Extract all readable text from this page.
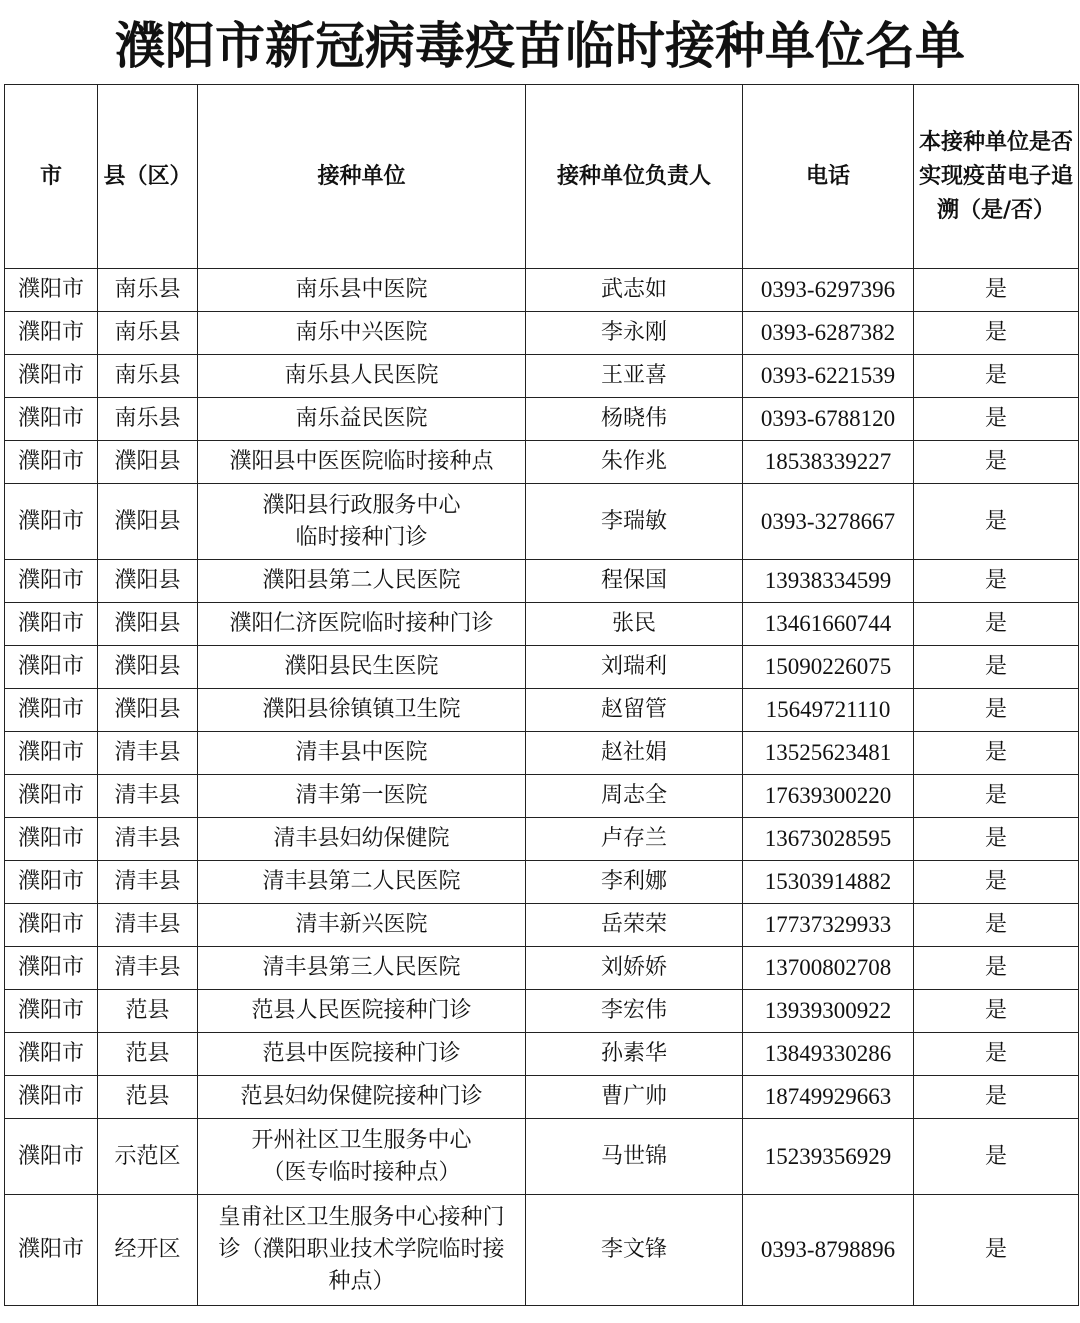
濮阳市新冠病毒疫苗临时接种单位名单
市	县（区）	接种单位	接种单位负责人	电话	本接种单位是否实现疫苗电子追溯（是/否）
濮阳市	南乐县	南乐县中医院	武志如	0393-6297396	是
濮阳市	南乐县	南乐中兴医院	李永刚	0393-6287382	是
濮阳市	南乐县	南乐县人民医院	王亚喜	0393-6221539	是
濮阳市	南乐县	南乐益民医院	杨晓伟	0393-6788120	是
濮阳市	濮阳县	濮阳县中医医院临时接种点	朱作兆	18538339227	是
濮阳市	濮阳县	濮阳县行政服务中心
临时接种门诊	李瑞敏	0393-3278667	是
濮阳市	濮阳县	濮阳县第二人民医院	程保国	13938334599	是
濮阳市	濮阳县	濮阳仁济医院临时接种门诊	张民	13461660744	是
濮阳市	濮阳县	濮阳县民生医院	刘瑞利	15090226075	是
濮阳市	濮阳县	濮阳县徐镇镇卫生院	赵留管	15649721110	是
濮阳市	清丰县	清丰县中医院	赵社娟	13525623481	是
濮阳市	清丰县	清丰第一医院	周志全	17639300220	是
濮阳市	清丰县	清丰县妇幼保健院	卢存兰	13673028595	是
濮阳市	清丰县	清丰县第二人民医院	李利娜	15303914882	是
濮阳市	清丰县	清丰新兴医院	岳荣荣	17737329933	是
濮阳市	清丰县	清丰县第三人民医院	刘娇娇	13700802708	是
濮阳市	范县	范县人民医院接种门诊	李宏伟	13939300922	是
濮阳市	范县	范县中医院接种门诊	孙素华	13849330286	是
濮阳市	范县	范县妇幼保健院接种门诊	曹广帅	18749929663	是
濮阳市	示范区	开州社区卫生服务中心
（医专临时接种点）	马世锦	15239356929	是
濮阳市	经开区	皇甫社区卫生服务中心接种门
诊（濮阳职业技术学院临时接
种点）	李文锋	0393-8798896	是
